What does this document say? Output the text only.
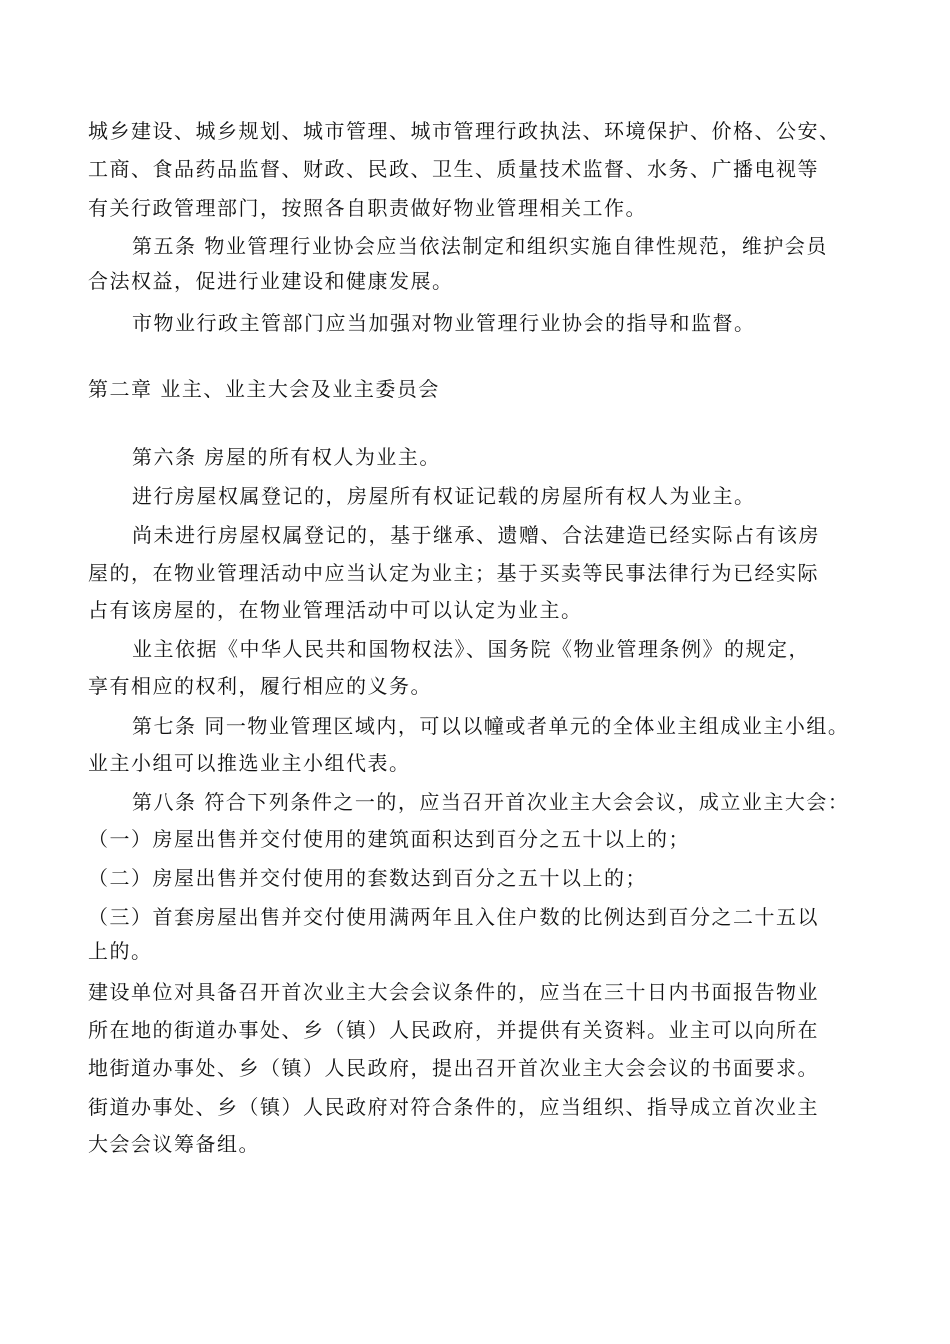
城乡建设、城乡规划、城市管理、城市管理行政执法、环境保护、价格、公安、
工商、食品药品监督、财政、民政、卫生、质量技术监督、水务、广播电视等
有关行政管理部门，按照各自职责做好物业管理相关工作。
第五条 物业管理行业协会应当依法制定和组织实施自律性规范，维护会员
合法权益，促进行业建设和健康发展。
市物业行政主管部门应当加强对物业管理行业协会的指导和监督。
第二章 业主、业主大会及业主委员会
第六条 房屋的所有权人为业主。
进行房屋权属登记的，房屋所有权证记载的房屋所有权人为业主。
尚未进行房屋权属登记的，基于继承、遗赠、合法建造已经实际占有该房
屋的，在物业管理活动中应当认定为业主；基于买卖等民事法律行为已经实际
占有该房屋的，在物业管理活动中可以认定为业主。
业主依据《中华人民共和国物权法》、国务院《物业管理条例》的规定，
享有相应的权利，履行相应的义务。
第七条 同一物业管理区域内，可以以幢或者单元的全体业主组成业主小组。
业主小组可以推选业主小组代表。
第八条 符合下列条件之一的，应当召开首次业主大会会议，成立业主大会：
（一）房屋出售并交付使用的建筑面积达到百分之五十以上的；
（二）房屋出售并交付使用的套数达到百分之五十以上的；
（三）首套房屋出售并交付使用满两年且入住户数的比例达到百分之二十五以
上的。
建设单位对具备召开首次业主大会会议条件的，应当在三十日内书面报告物业
所在地的街道办事处、乡（镇）人民政府，并提供有关资料。业主可以向所在
地街道办事处、乡（镇）人民政府，提出召开首次业主大会会议的书面要求。
街道办事处、乡（镇）人民政府对符合条件的，应当组织、指导成立首次业主
大会会议筹备组。
